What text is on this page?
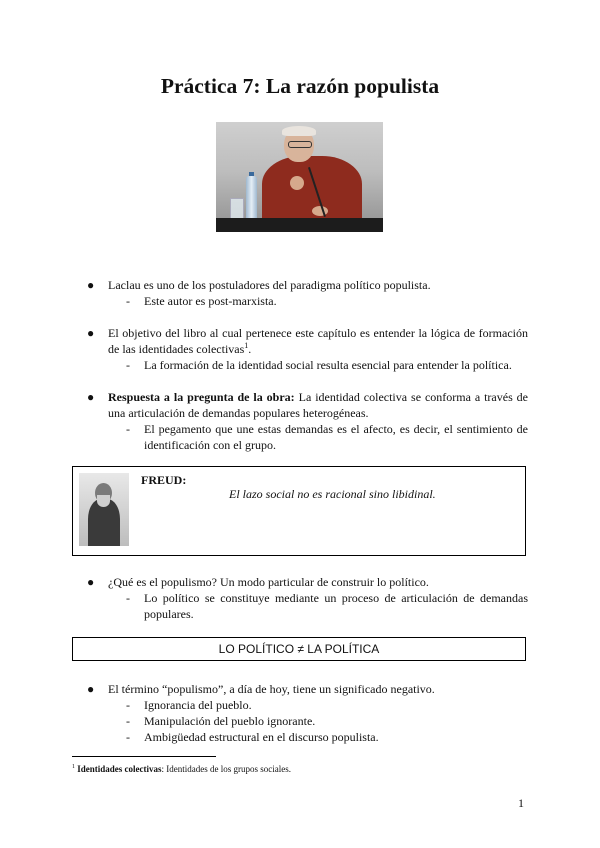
Práctica 7: La razón populista

● Laclau es uno de los postuladores del paradigma político populista.

- Este autor es post-marxista.

● El objetivo del libro al cual pertenece este capítulo es entender la lógica de formación de las identidades colectivas$^1$.

- La formación de la identidad social resulta esencial para entender la política.

● Respuesta a la pregunta de la obra: La identidad colectiva se conforma a través de una articulación de demandas populares heterogéneas.

- El pegamento que une estas demandas es el afecto, es decir, el sentimiento de identificación con el grupo.

FREUD:
El lazo social no es racional sino libidinal.

● ¿Qué es el populismo? Un modo particular de construir lo político.

- Lo político se constituye mediante un proceso de articulación de demandas populares.

LO POLÍTICO ≠ LA POLÍTICA

● El término “populismo”, a día de hoy, tiene un significado negativo.

- Ignorancia del pueblo.

- Manipulación del pueblo ignorante.

- Ambigüedad estructural en el discurso populista.

$^1$ Identidades colectivas: Identidades de los grupos sociales.
1
